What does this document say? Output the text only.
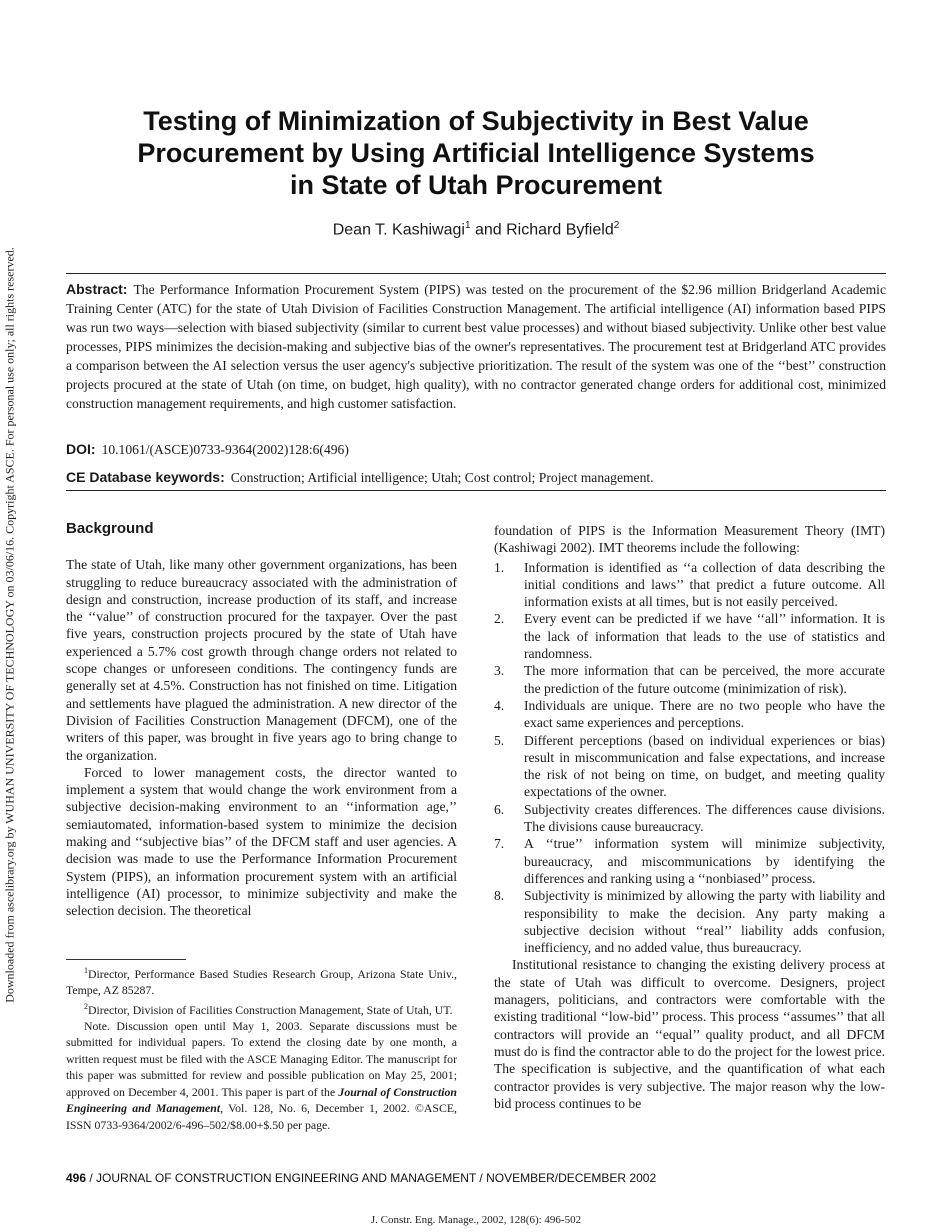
Downloaded from ascelibrary.org by WUHAN UNIVERSITY OF TECHNOLOGY on 03/06/16. Copyright ASCE. For personal use only; all rights reserved.
Testing of Minimization of Subjectivity in Best Value
Procurement by Using Artificial Intelligence Systems
in State of Utah Procurement
Dean T. Kashiwagi$^1$ and Richard Byfield$^2$
Abstract: The Performance Information Procurement System (PIPS) was tested on the procurement of the $2.96 million Bridgerland Academic Training Center (ATC) for the state of Utah Division of Facilities Construction Management. The artificial intelligence (AI) information based PIPS was run two ways—selection with biased subjectivity (similar to current best value processes) and without biased subjectivity. Unlike other best value processes, PIPS minimizes the decision-making and subjective bias of the owner's representatives. The procurement test at Bridgerland ATC provides a comparison between the AI selection versus the user agency's subjective prioritization. The result of the system was one of the ‘‘best’’ construction projects procured at the state of Utah (on time, on budget, high quality), with no contractor generated change orders for additional cost, minimized construction management requirements, and high customer satisfaction.
DOI: 10.1061/(ASCE)0733-9364(2002)128:6(496)
CE Database keywords: Construction; Artificial intelligence; Utah; Cost control; Project management.
Background

The state of Utah, like many other government organizations, has been struggling to reduce bureaucracy associated with the administration of design and construction, increase production of its staff, and increase the ‘‘value’’ of construction procured for the taxpayer. Over the past five years, construction projects procured by the state of Utah have experienced a 5.7% cost growth through change orders not related to scope changes or unforeseen conditions. The contingency funds are generally set at 4.5%. Construction has not finished on time. Litigation and settlements have plagued the administration. A new director of the Division of Facilities Construction Management (DFCM), one of the writers of this paper, was brought in five years ago to bring change to the organization.

Forced to lower management costs, the director wanted to implement a system that would change the work environment from a subjective decision-making environment to an ‘‘information age,’’ semiautomated, information-based system to minimize the decision making and ‘‘subjective bias’’ of the DFCM staff and user agencies. A decision was made to use the Performance Information Procurement System (PIPS), an information procurement system with an artificial intelligence (AI) processor, to minimize subjectivity and make the selection decision. The theoretical

$^1$Director, Performance Based Studies Research Group, Arizona State Univ., Tempe, AZ 85287.

$^2$Director, Division of Facilities Construction Management, State of Utah, UT.

Note. Discussion open until May 1, 2003. Separate discussions must be submitted for individual papers. To extend the closing date by one month, a written request must be filed with the ASCE Managing Editor. The manuscript for this paper was submitted for review and possible publication on May 25, 2001; approved on December 4, 2001. This paper is part of the Journal of Construction Engineering and Management, Vol. 128, No. 6, December 1, 2002. ©ASCE, ISSN 0733-9364/2002/6-496–502/$8.00+$.50 per page.

foundation of PIPS is the Information Measurement Theory (IMT) (Kashiwagi 2002). IMT theorems include the following:

1. Information is identified as ‘‘a collection of data describing the initial conditions and laws’’ that predict a future outcome. All information exists at all times, but is not easily perceived.
2. Every event can be predicted if we have ‘‘all’’ information. It is the lack of information that leads to the use of statistics and randomness.
3. The more information that can be perceived, the more accurate the prediction of the future outcome (minimization of risk).
4. Individuals are unique. There are no two people who have the exact same experiences and perceptions.
5. Different perceptions (based on individual experiences or bias) result in miscommunication and false expectations, and increase the risk of not being on time, on budget, and meeting quality expectations of the owner.
6. Subjectivity creates differences. The differences cause divisions. The divisions cause bureaucracy.
7. A ‘‘true’’ information system will minimize subjectivity, bureaucracy, and miscommunications by identifying the differences and ranking using a ‘‘nonbiased’’ process.
8. Subjectivity is minimized by allowing the party with liability and responsibility to make the decision. Any party making a subjective decision without ‘‘real’’ liability adds confusion, inefficiency, and no added value, thus bureaucracy.

Institutional resistance to changing the existing delivery process at the state of Utah was difficult to overcome. Designers, project managers, politicians, and contractors were comfortable with the existing traditional ‘‘low-bid’’ process. This process ‘‘assumes’’ that all contractors will provide an ‘‘equal’’ quality product, and all DFCM must do is find the contractor able to do the project for the lowest price. The specification is subjective, and the quantification of what each contractor provides is very subjective. The major reason why the low-bid process continues to be

496 / JOURNAL OF CONSTRUCTION ENGINEERING AND MANAGEMENT / NOVEMBER/DECEMBER 2002
J. Constr. Eng. Manage., 2002, 128(6): 496-502
